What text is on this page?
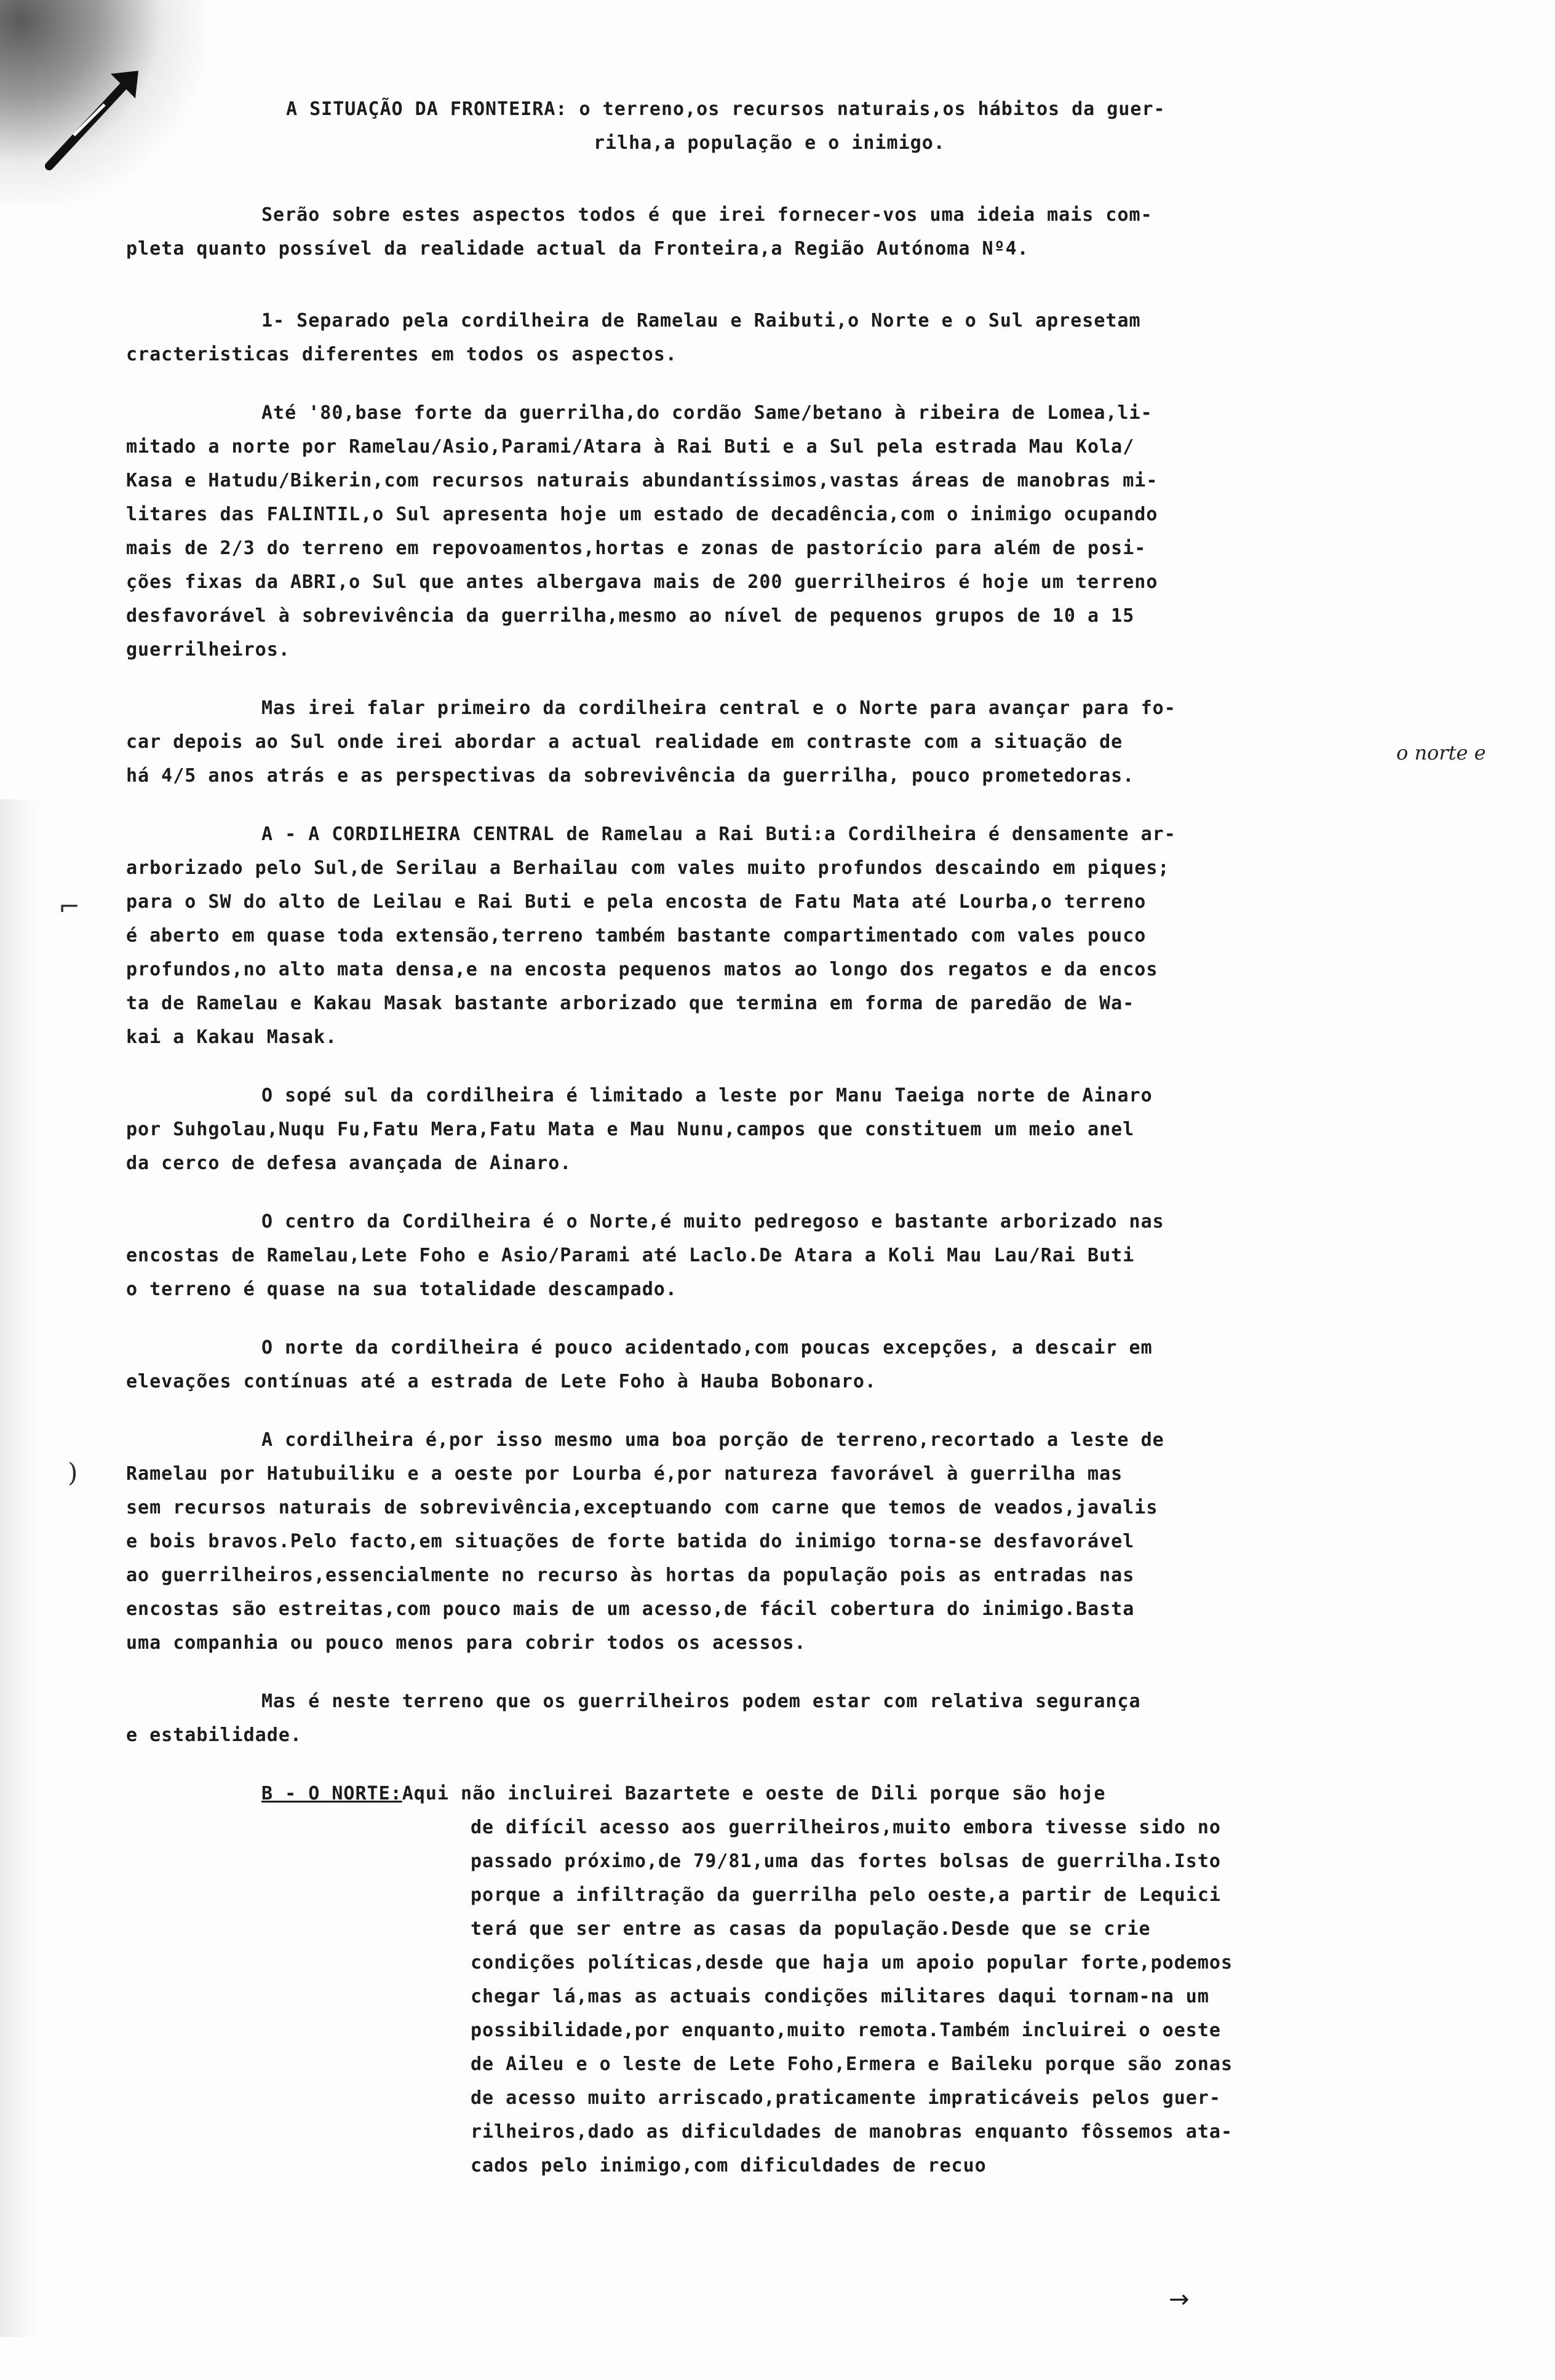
A SITUAÇÃO DA FRONTEIRA: o terreno,os recursos naturais,os hábitos da guer-
rilha,a população e o inimigo.
Serão sobre estes aspectos todos é que irei fornecer-vos uma ideia mais com-
pleta quanto possível da realidade actual da Fronteira,a Região Autónoma Nº4.
1- Separado pela cordilheira de Ramelau e Raibuti,o Norte e o Sul apresetam
cracteristicas diferentes em todos os aspectos.
Até '80,base forte da guerrilha,do cordão Same/betano à ribeira de Lomea,li-
mitado a norte por Ramelau/Asio,Parami/Atara à Rai Buti e a Sul pela estrada Mau Kola/
Kasa e Hatudu/Bikerin,com recursos naturais abundantíssimos,vastas áreas de manobras mi-
litares das FALINTIL,o Sul apresenta hoje um estado de decadência,com o inimigo ocupando
mais de 2/3 do terreno em repovoamentos,hortas e zonas de pastorício para além de posi-
ções fixas da ABRI,o Sul que antes albergava mais de 200 guerrilheiros é hoje um terreno
desfavorável à sobrevivência da guerrilha,mesmo ao nível de pequenos grupos de 10 a 15
guerrilheiros.
Mas irei falar primeiro da cordilheira central e o Norte para avançar para fo-
car depois ao Sul onde irei abordar a actual realidade em contraste com a situação de
há 4/5 anos atrás e as perspectivas da sobrevivência da guerrilha, pouco prometedoras.
A - A CORDILHEIRA CENTRAL de Ramelau a Rai Buti:a Cordilheira é densamente ar-
arborizado pelo Sul,de Serilau a Berhailau com vales muito profundos descaindo em piques;
para o SW do alto de Leilau e Rai Buti e pela encosta de Fatu Mata até Lourba,o terreno
é aberto em quase toda extensão,terreno também bastante compartimentado com vales pouco
profundos,no alto mata densa,e na encosta pequenos matos ao longo dos regatos e da encos
ta de Ramelau e Kakau Masak bastante arborizado que termina em forma de paredão de Wa-
kai a Kakau Masak.
O sopé sul da cordilheira é limitado a leste por Manu Taeiga norte de Ainaro
por Suhgolau,Nuqu Fu,Fatu Mera,Fatu Mata e Mau Nunu,campos que constituem um meio anel
da cerco de defesa avançada de Ainaro.
O centro da Cordilheira é o Norte,é muito pedregoso e bastante arborizado nas
encostas de Ramelau,Lete Foho e Asio/Parami até Laclo.De Atara a Koli Mau Lau/Rai Buti
o terreno é quase na sua totalidade descampado.
O norte da cordilheira é pouco acidentado,com poucas excepções, a descair em
elevações contínuas até a estrada de Lete Foho à Hauba Bobonaro.
A cordilheira é,por isso mesmo uma boa porção de terreno,recortado a leste de
Ramelau por Hatubuiliku e a oeste por Lourba é,por natureza favorável à guerrilha mas
sem recursos naturais de sobrevivência,exceptuando com carne que temos de veados,javalis
e bois bravos.Pelo facto,em situações de forte batida do inimigo torna-se desfavorável
ao guerrilheiros,essencialmente no recurso às hortas da população pois as entradas nas
encostas são estreitas,com pouco mais de um acesso,de fácil cobertura do inimigo.Basta
uma companhia ou pouco menos para cobrir todos os acessos.
Mas é neste terreno que os guerrilheiros podem estar com relativa segurança
e estabilidade.
B - O NORTE:Aqui não incluirei Bazartete e oeste de Dili porque são hoje
de difícil acesso aos guerrilheiros,muito embora tivesse sido no
passado próximo,de 79/81,uma das fortes bolsas de guerrilha.Isto
porque a infiltração da guerrilha pelo oeste,a partir de Lequici
terá que ser entre as casas da população.Desde que se crie
condições políticas,desde que haja um apoio popular forte,podemos
chegar lá,mas as actuais condições militares daqui tornam-na um
possibilidade,por enquanto,muito remota.Também incluirei o oeste
de Aileu e o leste de Lete Foho,Ermera e Baileku porque são zonas
de acesso muito arriscado,praticamente impraticáveis pelos guer-
rilheiros,dado as dificuldades de manobras enquanto fôssemos ata-
cados pelo inimigo,com dificuldades de recuo
o norte e
→
⌐
)
